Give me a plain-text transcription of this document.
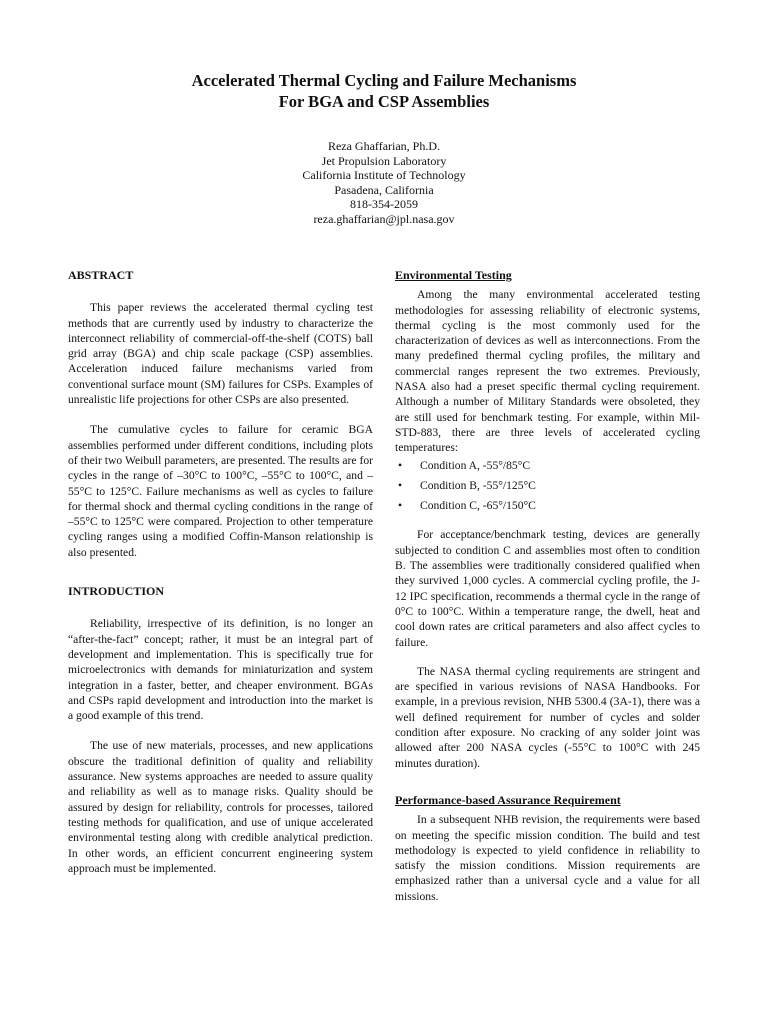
Accelerated Thermal Cycling and Failure Mechanisms
For BGA and CSP Assemblies
Reza Ghaffarian, Ph.D.
Jet Propulsion Laboratory
California Institute of Technology
Pasadena, California
818-354-2059
reza.ghaffarian@jpl.nasa.gov
ABSTRACT

This paper reviews the accelerated thermal cycling test methods that are currently used by industry to characterize the interconnect reliability of commercial-off-the-shelf (COTS) ball grid array (BGA) and chip scale package (CSP) assemblies. Acceleration induced failure mechanisms varied from conventional surface mount (SM) failures for CSPs. Examples of unrealistic life projections for other CSPs are also presented.

The cumulative cycles to failure for ceramic BGA assemblies performed under different conditions, including plots of their two Weibull parameters, are presented. The results are for cycles in the range of –30°C to 100°C, –55°C to 100°C, and –55°C to 125°C. Failure mechanisms as well as cycles to failure for thermal shock and thermal cycling conditions in the range of –55°C to 125°C were compared. Projection to other temperature cycling ranges using a modified Coffin-Manson relationship is also presented.

INTRODUCTION

Reliability, irrespective of its definition, is no longer an “after-the-fact” concept; rather, it must be an integral part of development and implementation. This is specifically true for microelectronics with demands for miniaturization and system integration in a faster, better, and cheaper environment. BGAs and CSPs rapid development and introduction into the market is a good example of this trend.

The use of new materials, processes, and new applications obscure the traditional definition of quality and reliability assurance. New systems approaches are needed to assure quality and reliability as well as to manage risks. Quality should be assured by design for reliability, controls for processes, tailored testing methods for qualification, and use of unique accelerated environmental testing along with credible analytical prediction. In other words, an efficient concurrent engineering system approach must be implemented.

Environmental Testing

Among the many environmental accelerated testing methodologies for assessing reliability of electronic systems, thermal cycling is the most commonly used for the characterization of devices as well as interconnections. From the many predefined thermal cycling profiles, the military and commercial ranges represent the two extremes. Previously, NASA also had a preset specific thermal cycling requirement. Although a number of Military Standards were obsoleted, they are still used for benchmark testing. For example, within Mil-STD-883, there are three levels of accelerated cycling temperatures:

• Condition A, -55°/85°C
• Condition B, -55°/125°C
• Condition C, -65°/150°C

For acceptance/benchmark testing, devices are generally subjected to condition C and assemblies most often to condition B. The assemblies were traditionally considered qualified when they survived 1,000 cycles. A commercial cycling profile, the J-12 IPC specification, recommends a thermal cycle in the range of 0°C to 100°C. Within a temperature range, the dwell, heat and cool down rates are critical parameters and also affect cycles to failure.

The NASA thermal cycling requirements are stringent and are specified in various revisions of NASA Handbooks. For example, in a previous revision, NHB 5300.4 (3A-1), there was a well defined requirement for number of cycles and solder condition after exposure. No cracking of any solder joint was allowed after 200 NASA cycles (-55°C to 100°C with 245 minutes duration).

Performance-based Assurance Requirement

In a subsequent NHB revision, the requirements were based on meeting the specific mission condition. The build and test methodology is expected to yield confidence in reliability to satisfy the mission conditions. Mission requirements are emphasized rather than a universal cycle and a value for all missions.
